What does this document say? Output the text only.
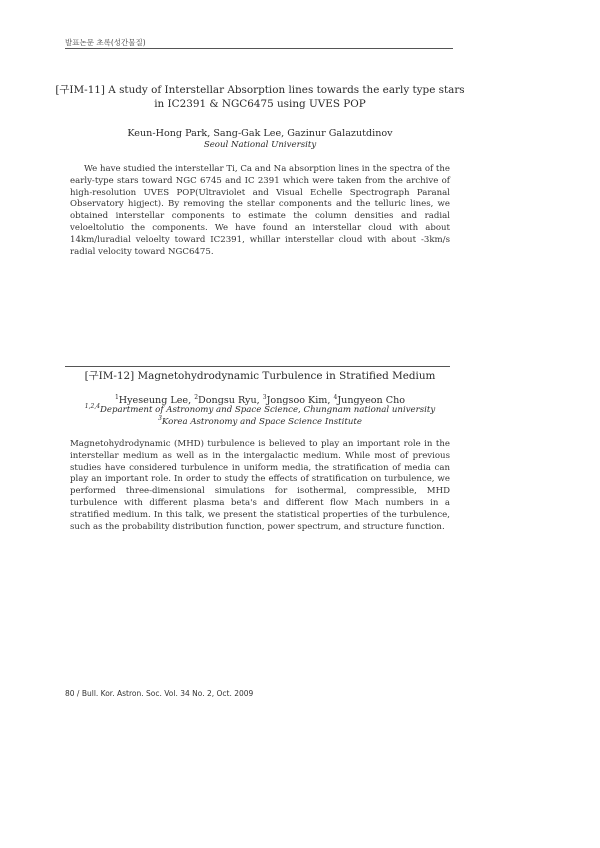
발표논문 초록(성간물질)
[구IM-11] A study of Interstellar Absorption lines towards the early type stars in IC2391 & NGC6475 using UVES POP
Keun-Hong Park, Sang-Gak Lee, Gazinur Galazutdinov
Seoul National University

We have studied the interstellar Ti, Ca and Na absorption lines in the spectra of the early-type stars toward NGC 6745 and IC 2391 which were taken from the archive of high-resolution UVES POP(Ultraviolet and Visual Echelle Spectrograph Paranal Observatory higject). By removing the stellar components and the telluric lines, we obtained interstellar components to estimate the column densities and radial veloeltolutio the components. We have found an interstellar cloud with about 14km/luradial veloelty toward IC2391, whillar interstellar cloud with about -3km/s radial velocity toward NGC6475.

[구IM-12] Magnetohydrodynamic Turbulence in Stratified Medium
$^1$Hyeseung Lee, $^2$Dongsu Ryu, $^3$Jongsoo Kim, $^4$Jungyeon Cho
$^{1,2,4}$Department of Astronomy and Space Science, Chungnam national university
$^3$Korea Astronomy and Space Science Institute

Magnetohydrodynamic (MHD) turbulence is believed to play an important role in the interstellar medium as well as in the intergalactic medium. While most of previous studies have considered turbulence in uniform media, the stratification of media can play an important role. In order to study the effects of stratification on turbulence, we performed three-dimensional simulations for isothermal, compressible, MHD turbulence with different plasma beta's and different flow Mach numbers in a stratified medium. In this talk, we present the statistical properties of the turbulence, such as the probability distribution function, power spectrum, and structure function.

80 / Bull. Kor. Astron. Soc. Vol. 34 No. 2, Oct. 2009
